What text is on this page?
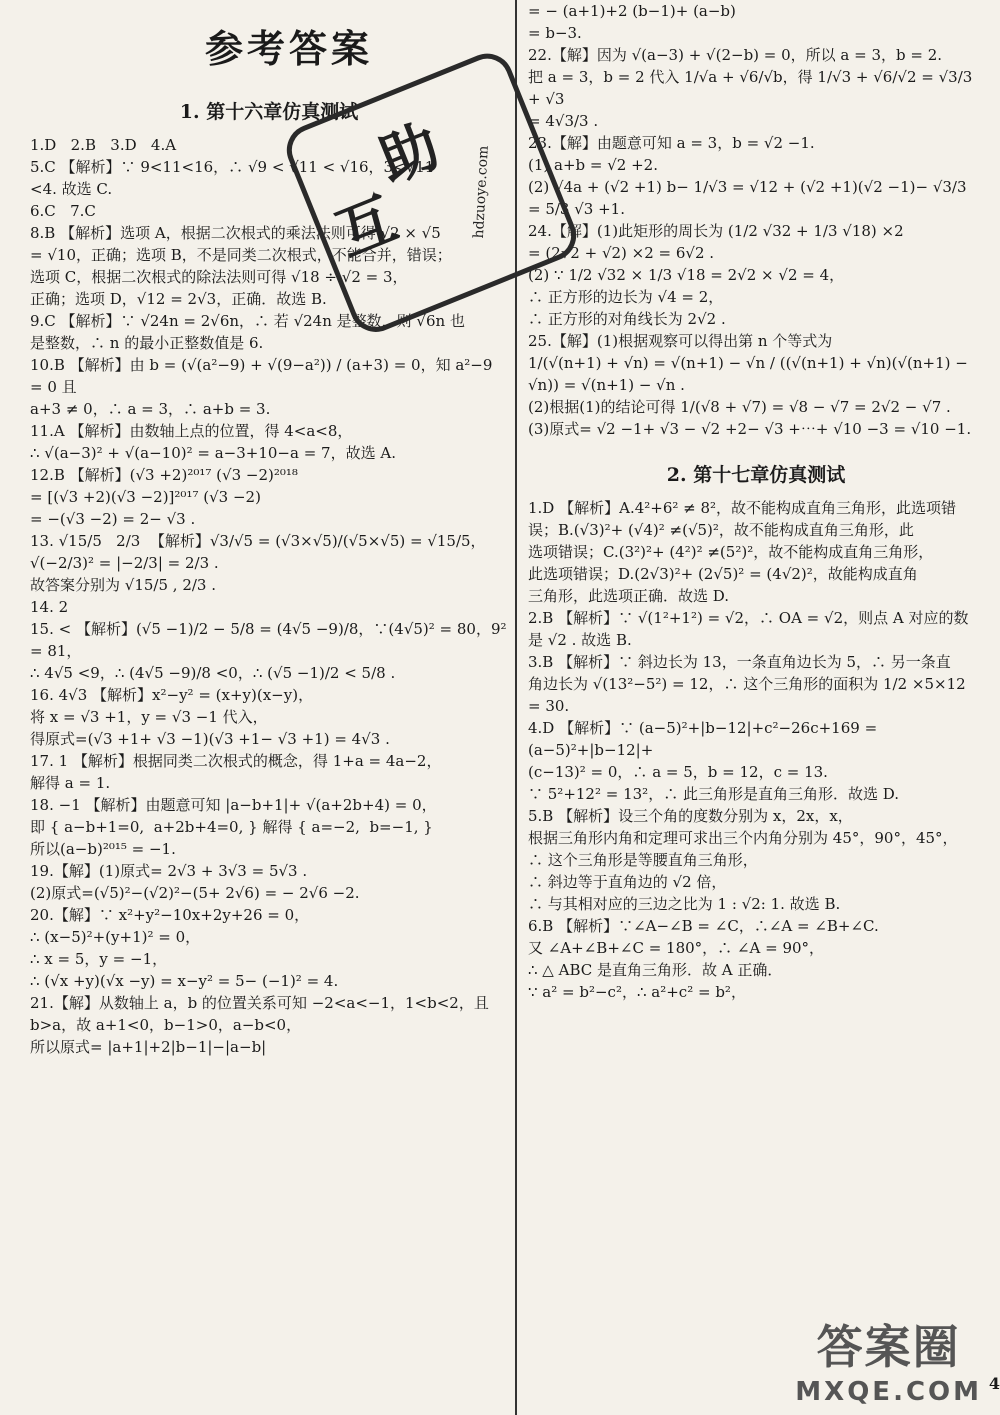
参考答案
1. 第十六章仿真测试

1.D   2.B   3.D   4.A

5.C 【解析】∵ 9<11<16，∴ √9 < √11 < √16，3<√11

<4. 故选 C.

6.C   7.C

8.B 【解析】选项 A，根据二次根式的乘法法则可得 √2 × √5

= √10，正确；选项 B，不是同类二次根式，不能合并，错误；

选项 C，根据二次根式的除法法则可得 √18 ÷ √2 = 3，

正确；选项 D，√12 = 2√3，正确．故选 B.

9.C 【解析】∵ √24n = 2√6n，∴ 若 √24n 是整数，则 √6n 也

是整数，∴ n 的最小正整数值是 6.

10.B 【解析】由 b = (√(a²−9) + √(9−a²)) / (a+3) = 0，知 a²−9 = 0 且

a+3 ≠ 0，∴ a = 3，∴ a+b = 3.

11.A 【解析】由数轴上点的位置，得 4<a<8，

∴ √(a−3)² + √(a−10)² = a−3+10−a = 7，故选 A.

12.B 【解析】(√3 +2)²⁰¹⁷ (√3 −2)²⁰¹⁸

= [(√3 +2)(√3 −2)]²⁰¹⁷ (√3 −2)

= −(√3 −2) = 2− √3 .

13. √15/5   2/3  【解析】√3/√5 = (√3×√5)/(√5×√5) = √15/5，

√(−2/3)² = |−2/3| = 2/3 .

故答案分别为 √15/5 , 2/3 .

14. 2

15. < 【解析】(√5 −1)/2 − 5/8 = (4√5 −9)/8，∵(4√5)² = 80，9² = 81，

∴ 4√5 <9，∴ (4√5 −9)/8 <0，∴ (√5 −1)/2 < 5/8 .

16. 4√3 【解析】x²−y² = (x+y)(x−y)，

将 x = √3 +1，y = √3 −1 代入，

得原式=(√3 +1+ √3 −1)(√3 +1− √3 +1) = 4√3 .

17. 1 【解析】根据同类二次根式的概念，得 1+a = 4a−2，

解得 a = 1.

18. −1 【解析】由题意可知 |a−b+1|+ √(a+2b+4) = 0，

即 { a−b+1=0,  a+2b+4=0, } 解得 { a=−2,  b=−1, }

所以(a−b)²⁰¹⁵ = −1.

19.【解】(1)原式= 2√3 + 3√3 = 5√3 .

(2)原式=(√5)²−(√2)²−(5+ 2√6) = − 2√6 −2.

20.【解】∵ x²+y²−10x+2y+26 = 0，

∴ (x−5)²+(y+1)² = 0，

∴ x = 5，y = −1，

∴ (√x +y)(√x −y) = x−y² = 5− (−1)² = 4.

21.【解】从数轴上 a，b 的位置关系可知 −2<a<−1，1<b<2，且

b>a，故 a+1<0，b−1>0，a−b<0，

所以原式= |a+1|+2|b−1|−|a−b|

= − (a+1)+2 (b−1)+ (a−b)

= b−3.

22.【解】因为 √(a−3) + √(2−b) = 0，所以 a = 3，b = 2.

把 a = 3，b = 2 代入 1/√a + √6/√b，得 1/√3 + √6/√2 = √3/3 + √3

= 4√3/3 .

23.【解】由题意可知 a = 3，b = √2 −1.

(1) a+b = √2 +2.

(2) √4a + (√2 +1) b− 1/√3 = √12 + (√2 +1)(√2 −1)− √3/3

= 5/3 √3 +1.

24.【解】(1)此矩形的周长为 (1/2 √32 + 1/3 √18) ×2

= (2√2 + √2) ×2 = 6√2 .

(2) ∵ 1/2 √32 × 1/3 √18 = 2√2 × √2 = 4，

∴ 正方形的边长为 √4 = 2，

∴ 正方形的对角线长为 2√2 .

25.【解】(1)根据观察可以得出第 n 个等式为

1/(√(n+1) + √n) = √(n+1) − √n / ((√(n+1) + √n)(√(n+1) − √n)) = √(n+1) − √n .

(2)根据(1)的结论可得 1/(√8 + √7) = √8 − √7 = 2√2 − √7 .

(3)原式= √2 −1+ √3 − √2 +2− √3 +⋯+ √10 −3 = √10 −1.

2. 第十七章仿真测试

1.D 【解析】A.4²+6² ≠ 8²，故不能构成直角三角形，此选项错

误；B.(√3)²+ (√4)² ≠(√5)²，故不能构成直角三角形，此

选项错误；C.(3²)²+ (4²)² ≠(5²)²，故不能构成直角三角形，

此选项错误；D.(2√3)²+ (2√5)² = (4√2)²，故能构成直角

三角形，此选项正确．故选 D.

2.B 【解析】∵ √(1²+1²) = √2，∴ OA = √2，则点 A 对应的数

是 √2 . 故选 B.

3.B 【解析】∵ 斜边长为 13，一条直角边长为 5，∴ 另一条直

角边长为 √(13²−5²) = 12，∴ 这个三角形的面积为 1/2 ×5×12

= 30.

4.D 【解析】∵ (a−5)²+|b−12|+c²−26c+169 = (a−5)²+|b−12|+

(c−13)² = 0，∴ a = 5，b = 12，c = 13.

∵ 5²+12² = 13²，∴ 此三角形是直角三角形．故选 D.

5.B 【解析】设三个角的度数分别为 x，2x，x，

根据三角形内角和定理可求出三个内角分别为 45°，90°，45°，

∴ 这个三角形是等腰直角三角形，

∴ 斜边等于直角边的 √2 倍，

∴ 与其相对应的三边之比为 1 : √2: 1. 故选 B.

6.B 【解析】∵∠A−∠B = ∠C，∴∠A = ∠B+∠C.

又 ∠A+∠B+∠C = 180°，∴ ∠A = 90°，

∴ △ ABC 是直角三角形．故 A 正确．

∵ a² = b²−c²，∴ a²+c² = b²，

互
助 hdzuoye.com
答案圈
MXQE.COM 4
